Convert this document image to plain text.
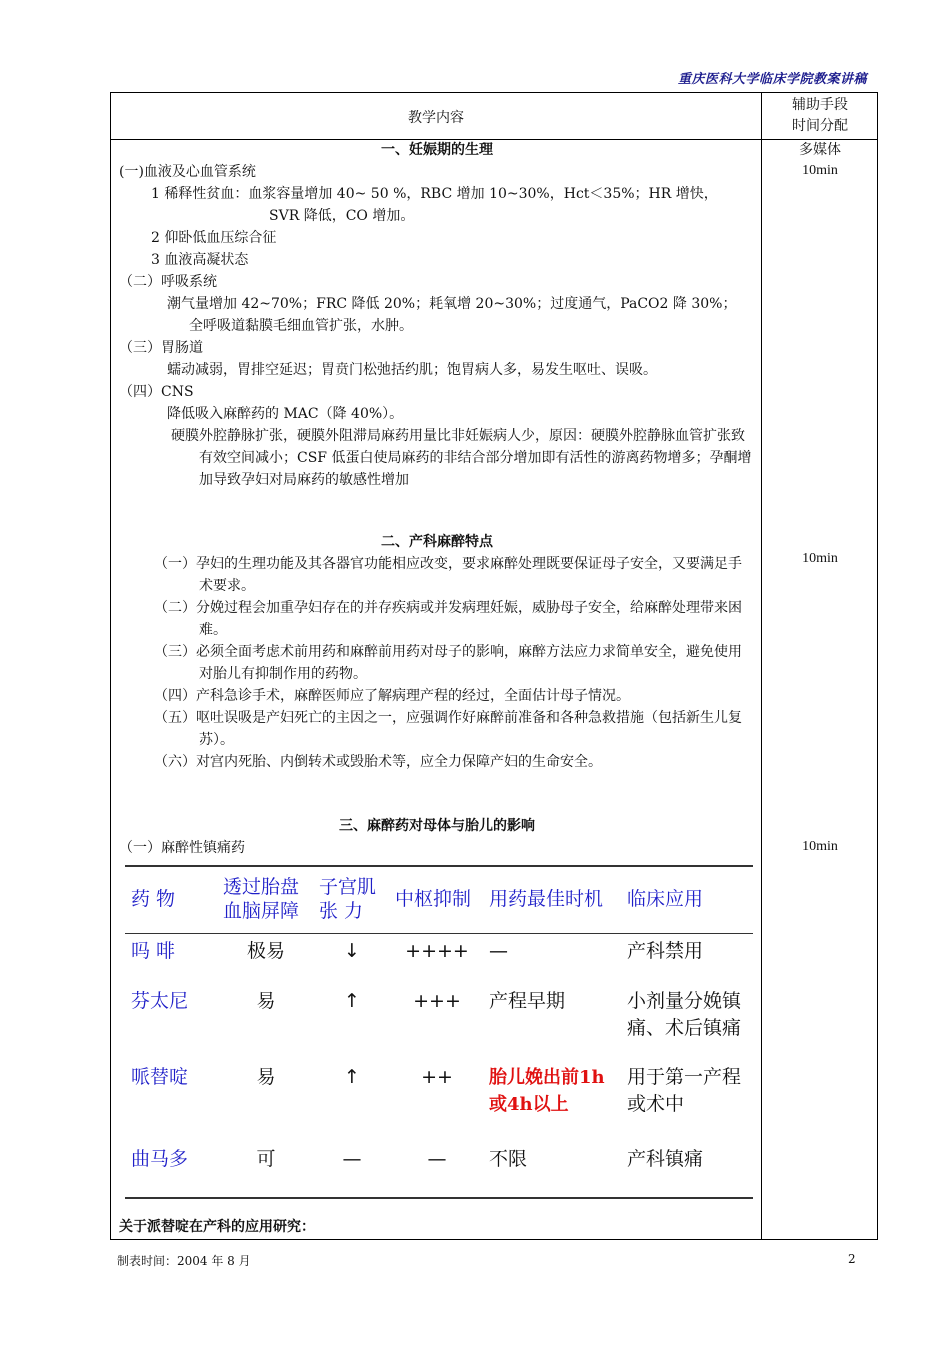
重庆医科大学临床学院教案讲稿
教学内容
辅助手段
时间分配
多媒体
10min
10min
10min
一、妊娠期的生理

(一)血液及心血管系统

1 稀释性贫血：血浆容量增加 40~ 50 %，RBC 增加 10~30%，Hct＜35%；HR 增快，

SVR 降低，CO 增加。

2 仰卧低血压综合征

3 血液高凝状态

（二）呼吸系统

潮气量增加 42~70%；FRC 降低 20%；耗氧增 20~30%；过度通气，PaCO2 降 30%；

全呼吸道黏膜毛细血管扩张，水肿。

（三）胃肠道

蠕动减弱，胃排空延迟；胃贲门松弛括约肌；饱胃病人多，易发生呕吐、误吸。

（四）CNS

降低吸入麻醉药的 MAC（降 40%）。

硬膜外腔静脉扩张，硬膜外阻滞局麻药用量比非妊娠病人少，原因：硬膜外腔静脉血管扩张致有效空间减小；CSF 低蛋白使局麻药的非结合部分增加即有活性的游离药物增多；孕酮增加导致孕妇对局麻药的敏感性增加

二、产科麻醉特点

（一）孕妇的生理功能及其各器官功能相应改变，要求麻醉处理既要保证母子安全，又要满足手术要求。

（二）分娩过程会加重孕妇存在的并存疾病或并发病理妊娠，威胁母子安全，给麻醉处理带来困难。

（三）必须全面考虑术前用药和麻醉前用药对母子的影响，麻醉方法应力求简单安全，避免使用对胎儿有抑制作用的药物。

（四）产科急诊手术，麻醉医师应了解病理产程的经过，全面估计母子情况。

（五）呕吐误吸是产妇死亡的主因之一，应强调作好麻醉前准备和各种急救措施（包括新生儿复苏）。

（六）对宫内死胎、内倒转术或毁胎术等，应全力保障产妇的生命安全。

三、麻醉药对母体与胎儿的影响

（一）麻醉性镇痛药

药 物	透过胎盘
血脑屏障	子宫肌
张 力	中枢抑制	用药最佳时机	临床应用
吗 啡	极易	↓	++++	—	产科禁用
芬太尼	易	↑	+++	产程早期	小剂量分娩镇痛、术后镇痛
哌替啶	易	↑	++	胎儿娩出前1h或4h以上	用于第一产程或术中
曲马多	可	—	—	不限	产科镇痛
关于派替啶在产科的应用研究：
制表时间：2004 年 8 月	2
